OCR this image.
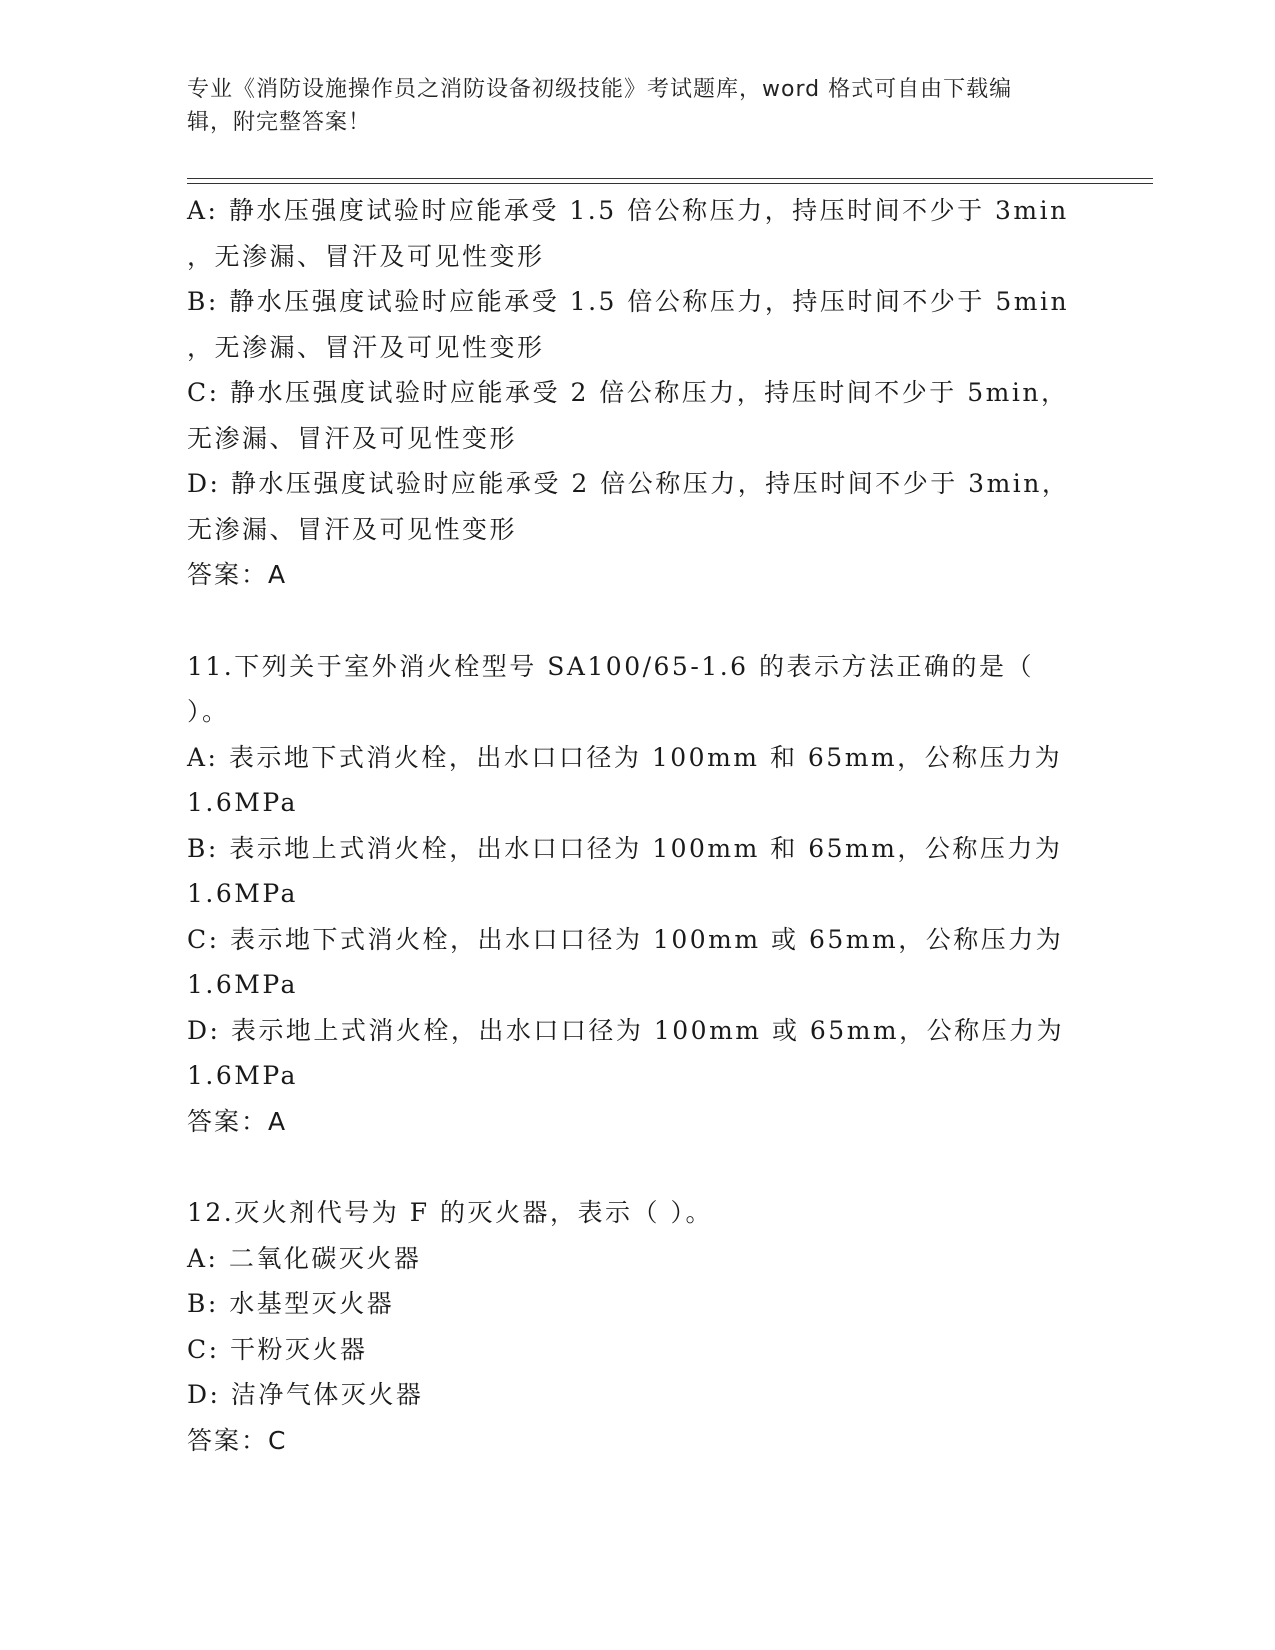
专业《消防设施操作员之消防设备初级技能》考试题库，word 格式可自由下载编
辑，附完整答案！
A: 静水压强度试验时应能承受 1.5 倍公称压力，持压时间不少于 3min
，无渗漏、冒汗及可见性变形
B: 静水压强度试验时应能承受 1.5 倍公称压力，持压时间不少于 5min
，无渗漏、冒汗及可见性变形
C: 静水压强度试验时应能承受 2 倍公称压力，持压时间不少于 5min，
无渗漏、冒汗及可见性变形
D: 静水压强度试验时应能承受 2 倍公称压力，持压时间不少于 3min，
无渗漏、冒汗及可见性变形
答案：A
11.下列关于室外消火栓型号 SA100/65-1.6 的表示方法正确的是（
）。
A: 表示地下式消火栓，出水口口径为 100mm 和 65mm，公称压力为
1.6MPa
B: 表示地上式消火栓，出水口口径为 100mm 和 65mm，公称压力为
1.6MPa
C: 表示地下式消火栓，出水口口径为 100mm 或 65mm，公称压力为
1.6MPa
D: 表示地上式消火栓，出水口口径为 100mm 或 65mm，公称压力为
1.6MPa
答案：A
12.灭火剂代号为 F 的灭火器，表示（ ）。
A: 二氧化碳灭火器
B: 水基型灭火器
C: 干粉灭火器
D: 洁净气体灭火器
答案：C
